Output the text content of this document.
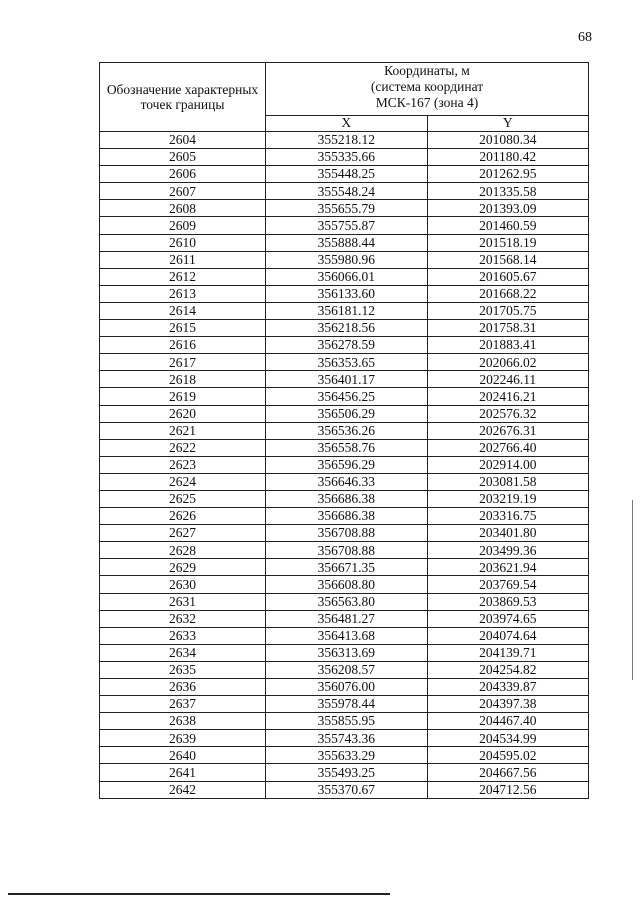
68
Обозначение характерных точек границы	Координаты, м
(система координат
МСК-167 (зона 4)	

	X	Y
2604	355218.12	201080.34
2605	355335.66	201180.42
2606	355448.25	201262.95
2607	355548.24	201335.58
2608	355655.79	201393.09
2609	355755.87	201460.59
2610	355888.44	201518.19
2611	355980.96	201568.14
2612	356066.01	201605.67
2613	356133.60	201668.22
2614	356181.12	201705.75
2615	356218.56	201758.31
2616	356278.59	201883.41
2617	356353.65	202066.02
2618	356401.17	202246.11
2619	356456.25	202416.21
2620	356506.29	202576.32
2621	356536.26	202676.31
2622	356558.76	202766.40
2623	356596.29	202914.00
2624	356646.33	203081.58
2625	356686.38	203219.19
2626	356686.38	203316.75
2627	356708.88	203401.80
2628	356708.88	203499.36
2629	356671.35	203621.94
2630	356608.80	203769.54
2631	356563.80	203869.53
2632	356481.27	203974.65
2633	356413.68	204074.64
2634	356313.69	204139.71
2635	356208.57	204254.82
2636	356076.00	204339.87
2637	355978.44	204397.38
2638	355855.95	204467.40
2639	355743.36	204534.99
2640	355633.29	204595.02
2641	355493.25	204667.56
2642	355370.67	204712.56
